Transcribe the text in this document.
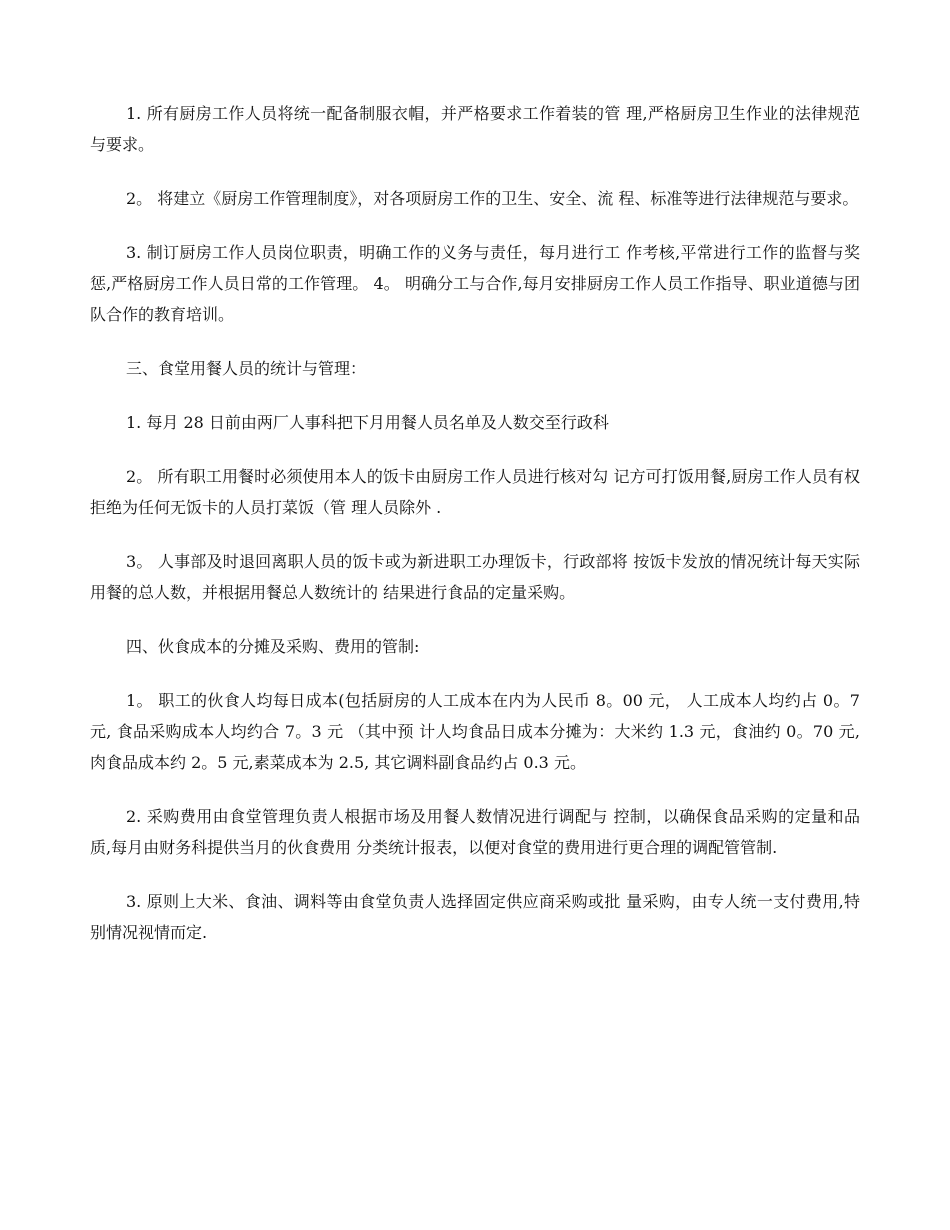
1. 所有厨房工作人员将统一配备制服衣帽，并严格要求工作着装的管 理,严格厨房卫生作业的法律规范与要求。

2。 将建立《厨房工作管理制度》，对各项厨房工作的卫生、安全、流 程、标准等进行法律规范与要求。

3. 制订厨房工作人员岗位职责，明确工作的义务与责任，每月进行工 作考核,平常进行工作的监督与奖惩,严格厨房工作人员日常的工作管理。 4。 明确分工与合作,每月安排厨房工作人员工作指导、职业道德与团 队合作的教育培训。

三、食堂用餐人员的统计与管理：

1. 每月 28 日前由两厂人事科把下月用餐人员名单及人数交至行政科

2。 所有职工用餐时必须使用本人的饭卡由厨房工作人员进行核对勾 记方可打饭用餐,厨房工作人员有权拒绝为任何无饭卡的人员打菜饭（管 理人员除外 .

3。 人事部及时退回离职人员的饭卡或为新进职工办理饭卡，行政部将 按饭卡发放的情况统计每天实际用餐的总人数，并根据用餐总人数统计的 结果进行食品的定量采购。

四、伙食成本的分摊及采购、费用的管制:

1。 职工的伙食人均每日成本(包括厨房的人工成本在内为人民币 8。00 元， 人工成本人均约占 0。7 元, 食品采购成本人均约合 7。3 元 （其中预 计人均食品日成本分摊为：大米约 1.3 元，食油约 0。70 元,肉食品成本约 2。5 元,素菜成本为 2.5, 其它调料副食品约占 0.3 元。

2. 采购费用由食堂管理负责人根据市场及用餐人数情况进行调配与 控制，以确保食品采购的定量和品质,每月由财务科提供当月的伙食费用 分类统计报表，以便对食堂的费用进行更合理的调配管管制.

3. 原则上大米、食油、调料等由食堂负责人选择固定供应商采购或批 量采购，由专人统一支付费用,特别情况视情而定.
